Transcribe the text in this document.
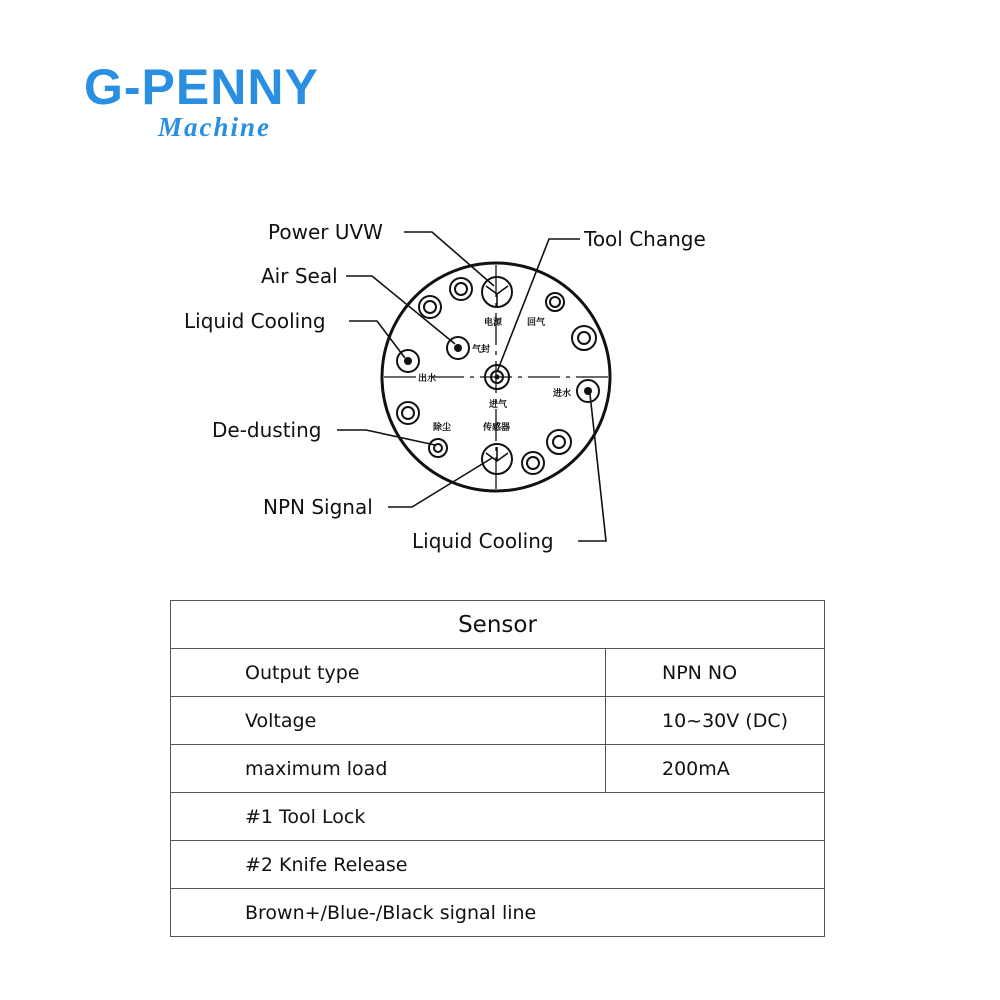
G-PENNY
Machine
电源	回气
气封
出水
进水
进气
除尘	传感器
Power UVW
Air Seal
Liquid Cooling
De-dusting
NPN Signal
Tool Change
Liquid Cooling
Sensor	
Output type	NPN NO
Voltage	10~30V (DC)
maximum load	200mA
#1 Tool Lock	
#2 Knife Release	
Brown+/Blue-/Black signal line	
